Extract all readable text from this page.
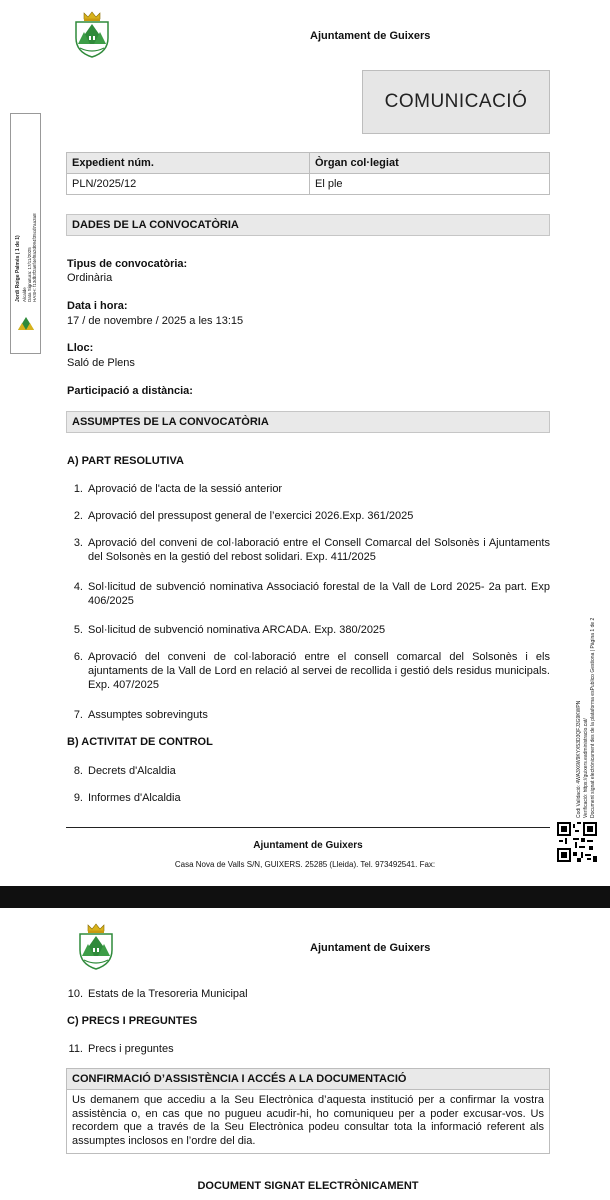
Ajuntament de Guixers
COMUNICACIÓ
Jordi Roige Palmés ( 1 de 1) Alcalde Data Signatura: 17/11/2025 HASH: f13db3f2a6f4ef8a2d094f35cd7aa3a8
Expedient núm.	Òrgan col·legiat
PLN/2025/12	El ple
DADES DE LA CONVOCATÒRIA
Tipus de convocatòria:
Ordinària
Data i hora:
17 / de novembre / 2025 a les 13:15
Lloc:
Saló de Plens
Participació a distància:
ASSUMPTES DE LA CONVOCATÒRIA
A) PART RESOLUTIVA
1. Aprovació de l'acta de la sessió anterior
2. Aprovació del pressupost general de l’exercici 2026.Exp. 361/2025
3. Aprovació del conveni de col·laboració entre el Consell Comarcal del Solsonès i Ajuntaments del Solsonès en la gestió del rebost solidari. Exp. 411/2025
4. Sol·licitud de subvenció nominativa Associació forestal de la Vall de Lord 2025- 2a part. Exp 406/2025
5. Sol·licitud de subvenció nominativa ARCADA. Exp. 380/2025
6. Aprovació del conveni de col·laboració entre el consell comarcal del Solsonès i els ajuntaments de la Vall de Lord en relació al servei de recollida i gestió dels residus municipals. Exp. 407/2025
7. Assumptes sobrevinguts
B) ACTIVITAT DE CONTROL
8. Decrets d'Alcaldia
9. Informes d'Alcaldia	Codi Validació: 4WA3X6W9KYX53D3QFJ3G9KWPN Verificació: https://guixers.eadministracio.cat/ Document signat electrònicament des de la plataforma esPublico Gestiona | Pàgina 1 de 2
Ajuntament de Guixers
Casa Nova de Valls S/N, GUIXERS. 25285 (Lleida). Tel. 973492541. Fax:
Ajuntament de Guixers
10. Estats de la Tresoreria Municipal
C) PRECS I PREGUNTES
11. Precs i preguntes
CONFIRMACIÓ D’ASSISTÈNCIA I ACCÉS A LA DOCUMENTACIÓ
Us demanem que accediu a la Seu Electrònica d’aquesta institució per a confirmar la vostra assistència o, en cas que no pugueu acudir-hi, ho comuniqueu per a poder excusar-vos. Us recordem que a través de la Seu Electrònica podeu consultar tota la informació referent als assumptes inclosos en l’ordre del dia.
DOCUMENT SIGNAT ELECTRÒNICAMENT
